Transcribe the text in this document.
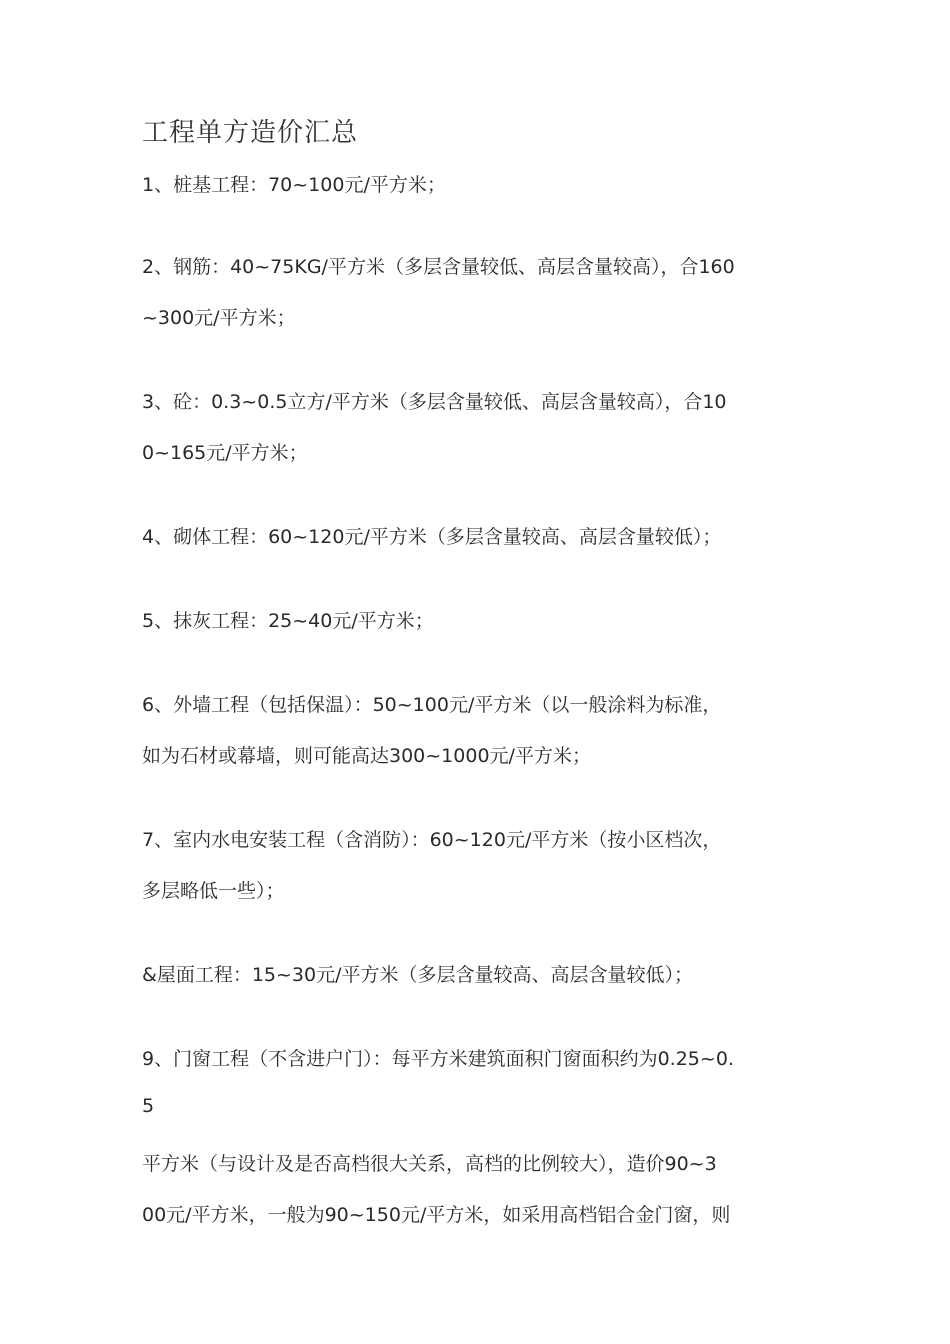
工程单方造价汇总
1、桩基工程：70~100元/平方米；
2、钢筋：40~75KG/平方米（多层含量较低、高层含量较高），合160
~300元/平方米；
3、砼：0.3~0.5立方/平方米（多层含量较低、高层含量较高），合10
0~165元/平方米；
4、砌体工程：60~120元/平方米（多层含量较高、高层含量较低）；
5、抹灰工程：25~40元/平方米；
6、外墙工程（包括保温）：50~100元/平方米（以一般涂料为标准，
如为石材或幕墙，则可能高达300~1000元/平方米；
7、室内水电安装工程（含消防）：60~120元/平方米（按小区档次，
多层略低一些）；
&屋面工程：15~30元/平方米（多层含量较高、高层含量较低）；
9、门窗工程（不含进户门）：每平方米建筑面积门窗面积约为0.25~0.
5
平方米（与设计及是否高档很大关系，高档的比例较大），造价90~3
00元/平方米，一般为90~150元/平方米，如采用高档铝合金门窗，则
